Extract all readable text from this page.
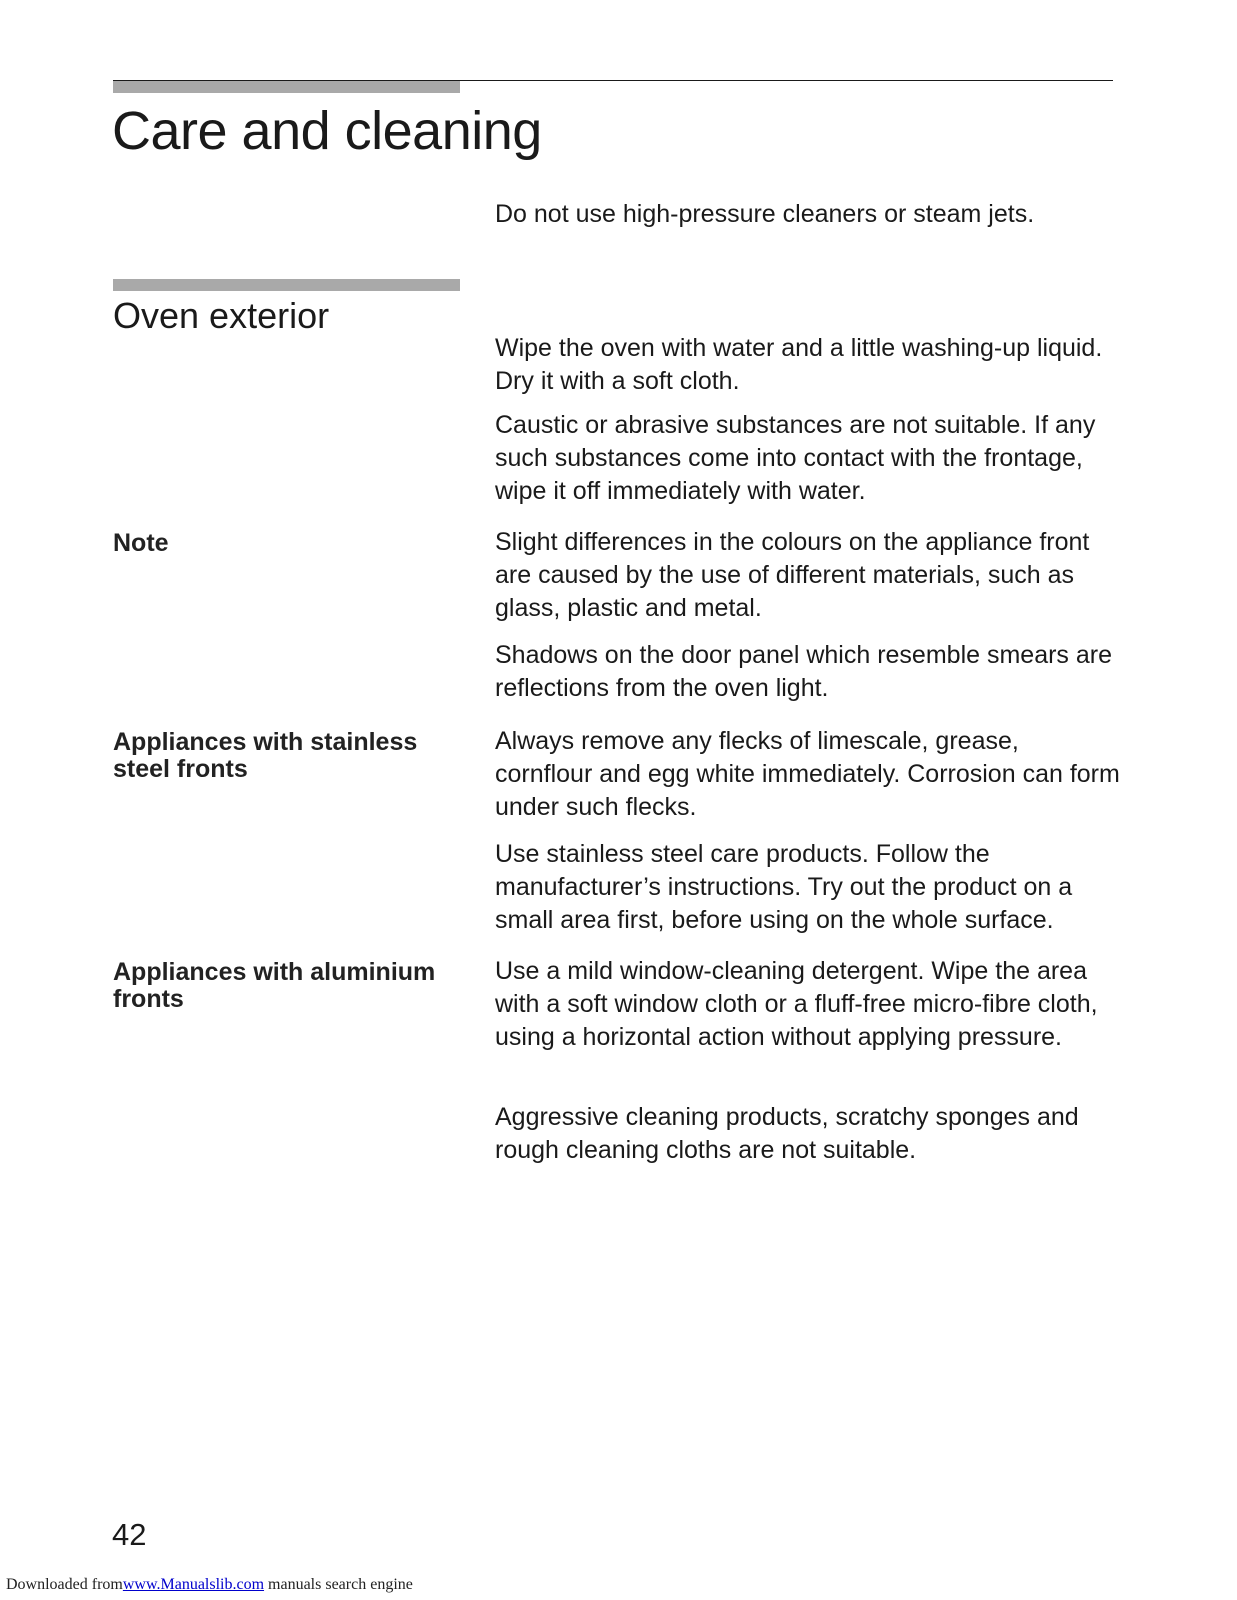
Care and cleaning

Do not use high-pressure cleaners or steam jets.

Oven exterior

Wipe the oven with water and a little washing-up liquid. Dry it with a soft cloth.

Caustic or abrasive substances are not suitable. If any such substances come into contact with the frontage, wipe it off immediately with water.

Note	Slight differences in the colours on the appliance front are caused by the use of different materials, such as glass, plastic and metal.

Shadows on the door panel which resemble smears are reflections from the oven light.

Appliances with stainless steel fronts

Always remove any flecks of limescale, grease, cornflour and egg white immediately. Corrosion can form under such flecks.

Use stainless steel care products. Follow the manufacturer’s instructions. Try out the product on a small area first, before using on the whole surface.

Appliances with aluminium fronts

Use a mild window-cleaning detergent. Wipe the area with a soft window cloth or a fluff-free micro-fibre cloth, using a horizontal action without applying pressure.

Aggressive cleaning products, scratchy sponges and rough cleaning cloths are not suitable.

42
Downloaded fromwww.Manualslib.com manuals search engine
